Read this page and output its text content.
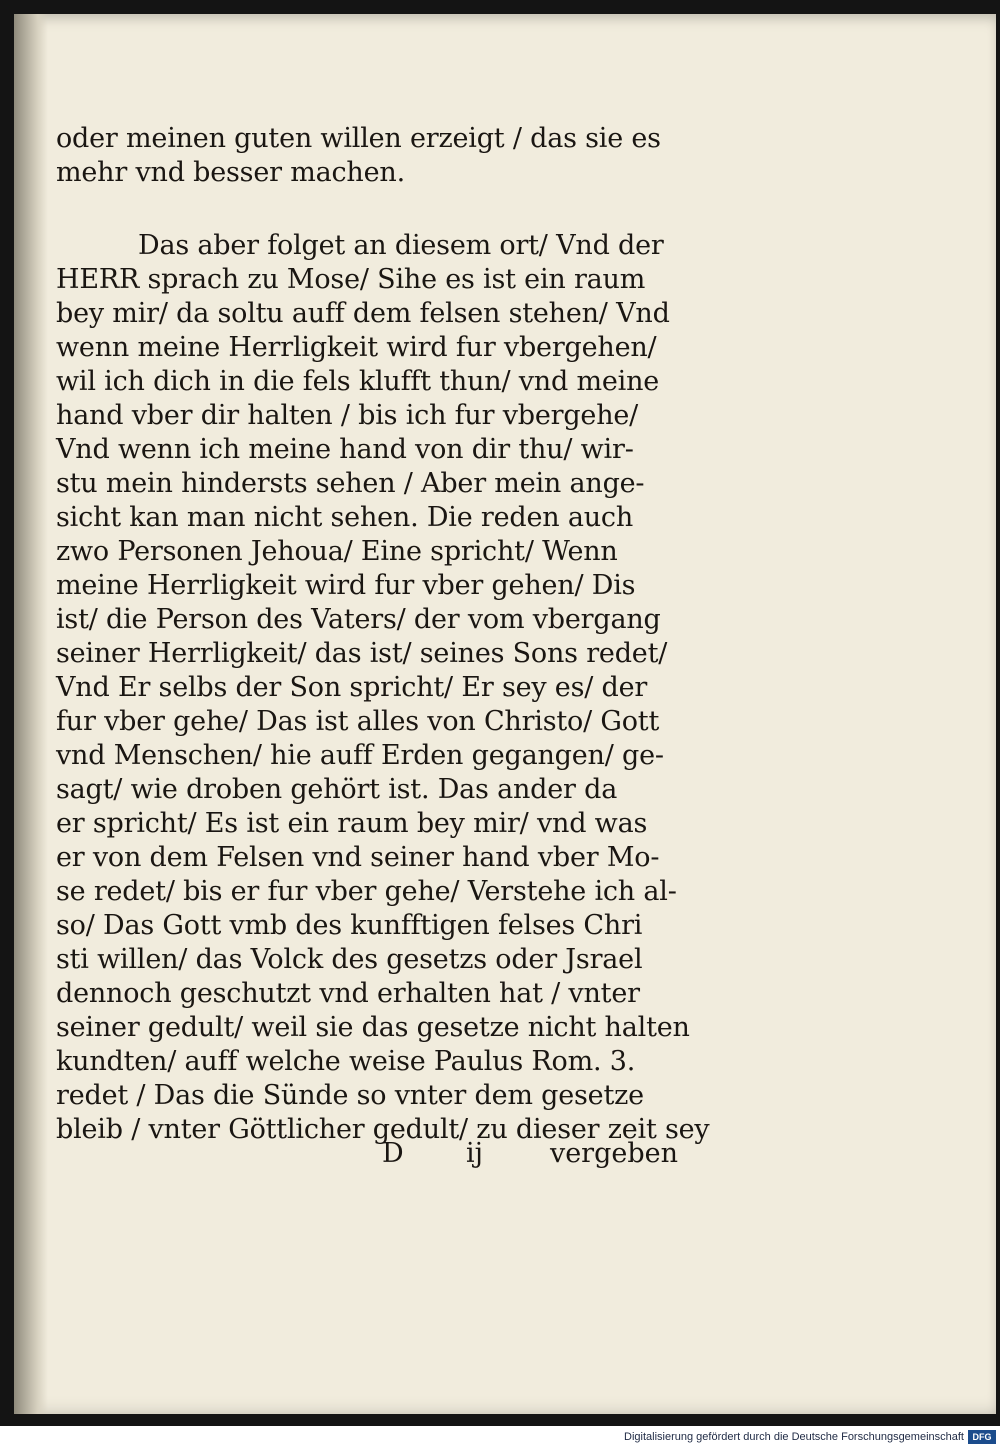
oder meinen guten willen erzeigt / das sie es
mehr vnd besser machen.
Das aber folget an diesem ort/ Vnd der
HERR sprach zu Mose/ Sihe es ist ein raum
bey mir/ da soltu auff dem felsen stehen/ Vnd
wenn meine Herrligkeit wird fur vbergehen/
wil ich dich in die fels klufft thun/ vnd meine
hand vber dir halten / bis ich fur vbergehe/
Vnd wenn ich meine hand von dir thu/ wir-
stu mein hindersts sehen / Aber mein ange-
sicht kan man nicht sehen. Die reden auch
zwo Personen Jehoua/ Eine spricht/ Wenn
meine Herrligkeit wird fur vber gehen/ Dis
ist/ die Person des Vaters/ der vom vbergang
seiner Herrligkeit/ das ist/ seines Sons redet/
Vnd Er selbs der Son spricht/ Er sey es/ der
fur vber gehe/ Das ist alles von Christo/ Gott
vnd Menschen/ hie auff Erden gegangen/ ge-
sagt/ wie droben gehört ist. Das ander da
er spricht/ Es ist ein raum bey mir/ vnd was
er von dem Felsen vnd seiner hand vber Mo-
se redet/ bis er fur vber gehe/ Verstehe ich al-
so/ Das Gott vmb des kunfftigen felses Chri
sti willen/ das Volck des gesetzs oder Jsrael
dennoch geschutzt vnd erhalten hat / vnter
seiner gedult/ weil sie das gesetze nicht halten
kundten/ auff welche weise Paulus Rom. 3.
redet / Das die Sünde so vnter dem gesetze
bleib / vnter Göttlicher gedult/ zu dieser zeit sey
D ij vergeben
Digitalisierung gefördert durch die Deutsche Forschungsgemeinschaft DFG
